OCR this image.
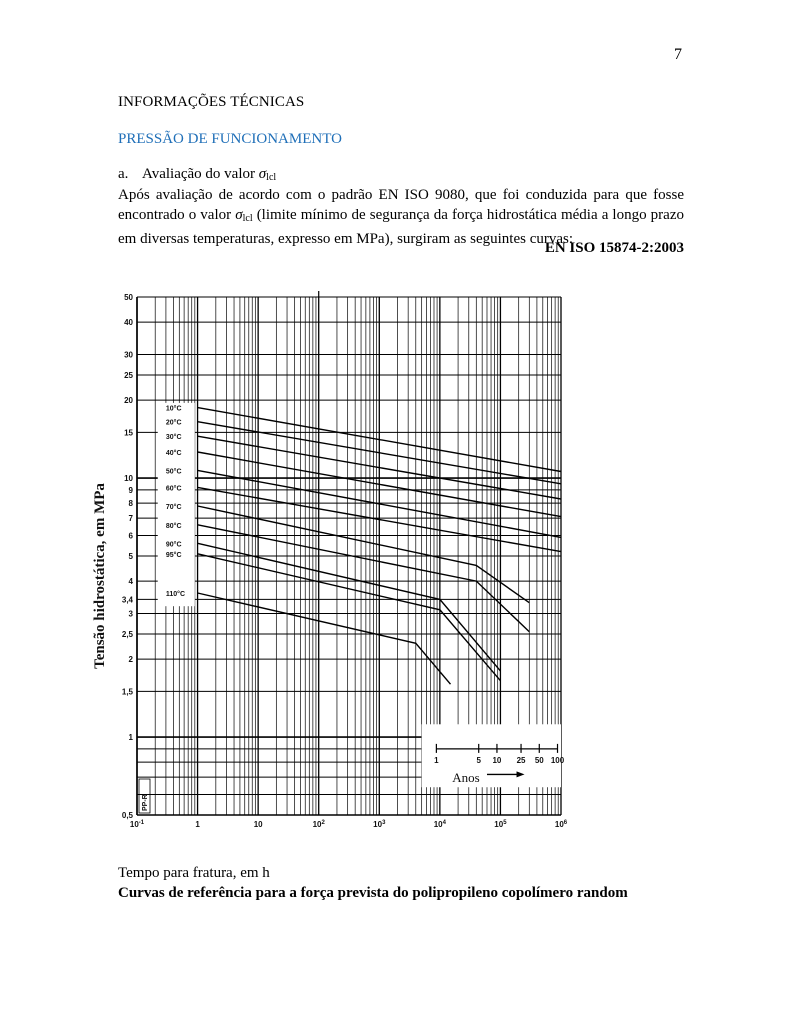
7
INFORMAÇÕES TÉCNICAS
PRESSÃO DE FUNCIONAMENTO
a. Avaliação do valor $\sigma_{lcl}$
Após avaliação de acordo com o padrão EN ISO 9080, que foi conduzida para que fosse encontrado o valor $\sigma_{lcl}$ (limite mínimo de segurança da força hidrostática média a longo prazo em diversas temperaturas, expresso em MPa), surgiram as seguintes curvas:
EN ISO 15874-2:2003
0,5
1
1,5
2
2,5
3
3,4
4
5
6
7
8
9
10
15
20
25
30
40
50
$10^{-1}$	1	10	$10^2$	$10^3$	$10^4$	$10^5$	$10^6$
Tensão hidrostática, em MPa
10°C
20°C
30°C
40°C
50°C
60°C
70°C
80°C
90°C
95°C
110°C
1	5 10 25 50 100
Anos
PP-R
Tempo para fratura, em h
Curvas de referência para a força prevista do polipropileno copolímero random
